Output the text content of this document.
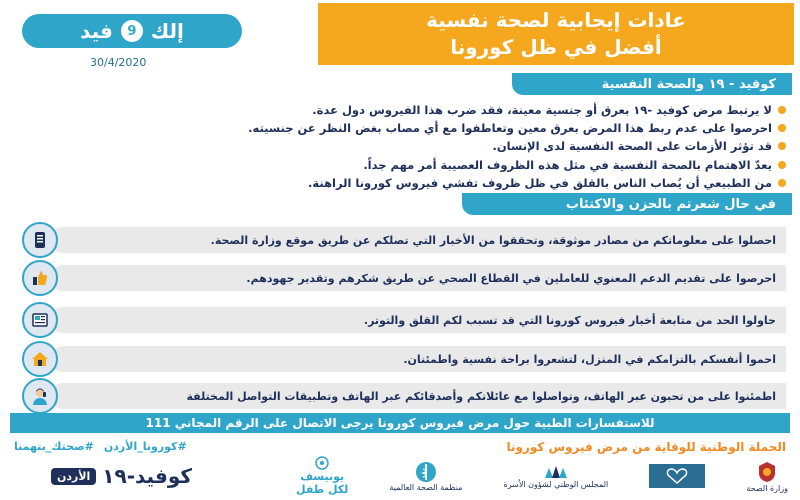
إلك
9
فيد
30/4/2020
عادات إيجابية لصحة نفسية
أفضل في ظل كورونا
كوفيد - ١٩ والصحة النفسية
لا يرتبط مرض كوفيد -١٩ بعرق أو جنسية معينة، فقد ضرب هذا الفيروس دول عدة.
احرصوا على عدم ربط هذا المرض بعرق معين وتعاطفوا مع أي مصاب بغض النظر عن جنسيته.
قد تؤثر الأزمات على الصحة النفسية لدى الإنسان.
يعدّ الاهتمام بالصحة النفسية في مثل هذه الظروف العصيبة أمر مهم جداً.
من الطبيعي أن يُصاب الناس بالقلق في ظل ظروف تفشي فيروس كورونا الراهنة.
في حال شعرتم بالحزن والاكتئاب
احصلوا على معلوماتكم من مصادر موثوقة، وتحققوا من الأخبار التي تصلكم عن طريق موقع وزارة الصحة.
احرصوا على تقديم الدعم المعنوي للعاملين في القطاع الصحي عن طريق شكرهم وتقدير جهودهم.
حاولوا الحد من متابعة أخبار فيروس كورونا التي قد تسبب لكم القلق والتوتر.
احموا أنفسكم بالتزامكم في المنزل، لتشعروا براحة نفسية واطمئنان.
اطمئنوا على من تحبون عبر الهاتف، وتواصلوا مع عائلاتكم وأصدقائكم عبر الهاتف وتطبيقات التواصل المختلفة
للاستفسارات الطبية حول مرض فيروس كورونا يرجى الاتصال على الرقم المجاني 111
الحملة الوطنية للوقاية من مرض فيروس كورونا
#كورونا_الأردن
#صحتك_بتهمنا
كوفيد-١٩
الأردن
وزارة الصحة
المجلس الوطني لشؤون الأسرة
منظمة الصحة العالمية
يونيسف
لكل طفل
